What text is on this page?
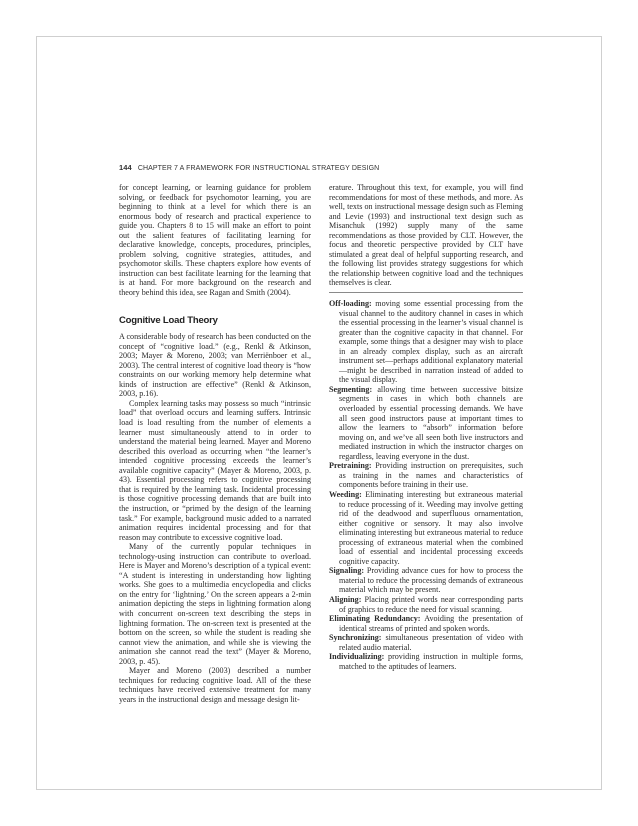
144 CHAPTER 7 A FRAMEWORK FOR INSTRUCTIONAL STRATEGY DESIGN

for concept learning, or learning guidance for problem solving, or feedback for psychomotor learning, you are beginning to think at a level for which there is an enormous body of research and practical experience to guide you. Chapters 8 to 15 will make an effort to point out the salient features of facilitating learning for declarative knowledge, concepts, procedures, principles, problem solving, cognitive strategies, attitudes, and psychomotor skills. These chapters explore how events of instruction can best facilitate learning for the learning that is at hand. For more background on the research and theory behind this idea, see Ragan and Smith (2004).

Cognitive Load Theory

A considerable body of research has been conducted on the concept of “cognitive load.” (e.g., Renkl & Atkinson, 2003; Mayer & Moreno, 2003; van Merriënboer et al., 2003). The central interest of cognitive load theory is “how constraints on our working memory help determine what kinds of instruction are effective” (Renkl & Atkinson, 2003, p.16).

Complex learning tasks may possess so much “intrinsic load” that overload occurs and learning suffers. Intrinsic load is load resulting from the number of elements a learner must simultaneously attend to in order to understand the material being learned. Mayer and Moreno described this overload as occurring when “the learner’s intended cognitive processing exceeds the learner’s available cognitive capacity” (Mayer & Moreno, 2003, p. 43). Essential processing refers to cognitive processing that is required by the learning task. Incidental processing is those cognitive processing demands that are built into the instruction, or “primed by the design of the learning task.” For example, background music added to a narrated animation requires incidental processing and for that reason may contribute to excessive cognitive load.

Many of the currently popular techniques in technology-using instruction can contribute to overload. Here is Mayer and Moreno’s description of a typical event: “A student is interesting in understanding how lighting works. She goes to a multimedia encyclopedia and clicks on the entry for ‘lightning.’ On the screen appears a 2-min animation depicting the steps in lightning formation along with concurrent on-screen text describing the steps in lightning formation. The on-screen text is presented at the bottom on the screen, so while the student is reading she cannot view the animation, and while she is viewing the animation she cannot read the text” (Mayer & Moreno, 2003, p. 45).

Mayer and Moreno (2003) described a number techniques for reducing cognitive load. All of the these techniques have received extensive treatment for many years in the instructional design and message design lit-

erature. Throughout this text, for example, you will find recommendations for most of these methods, and more. As well, texts on instructional message design such as Fleming and Levie (1993) and instructional text design such as Misanchuk (1992) supply many of the same recommendations as those provided by CLT. However, the focus and theoretic perspective provided by CLT have stimulated a great deal of helpful supporting research, and the following list provides strategy suggestions for which the relationship between cognitive load and the techniques themselves is clear.

Off-loading: moving some essential processing from the visual channel to the auditory channel in cases in which the essential processing in the learner’s visual channel is greater than the cognitive capacity in that channel. For example, some things that a designer may wish to place in an already complex display, such as an aircraft instrument set—perhaps additional explanatory material—might be described in narration instead of added to the visual display.

Segmenting: allowing time between successive bitsize segments in cases in which both channels are overloaded by essential processing demands. We have all seen good instructors pause at important times to allow the learners to “absorb” information before moving on, and we’ve all seen both live instructors and mediated instruction in which the instructor charges on regardless, leaving everyone in the dust.

Pretraining: Providing instruction on prerequisites, such as training in the names and characteristics of components before training in their use.

Weeding: Eliminating interesting but extraneous material to reduce processing of it. Weeding may involve getting rid of the deadwood and superfluous ornamentation, either cognitive or sensory. It may also involve eliminating interesting but extraneous material to reduce processing of extraneous material when the combined load of essential and incidental processing exceeds cognitive capacity.

Signaling: Providing advance cues for how to process the material to reduce the processing demands of extraneous material which may be present.

Aligning: Placing printed words near corresponding parts of graphics to reduce the need for visual scanning.

Eliminating Redundancy: Avoiding the presentation of identical streams of printed and spoken words.

Synchronizing: simultaneous presentation of video with related audio material.

Individualizing: providing instruction in multiple forms, matched to the aptitudes of learners.
